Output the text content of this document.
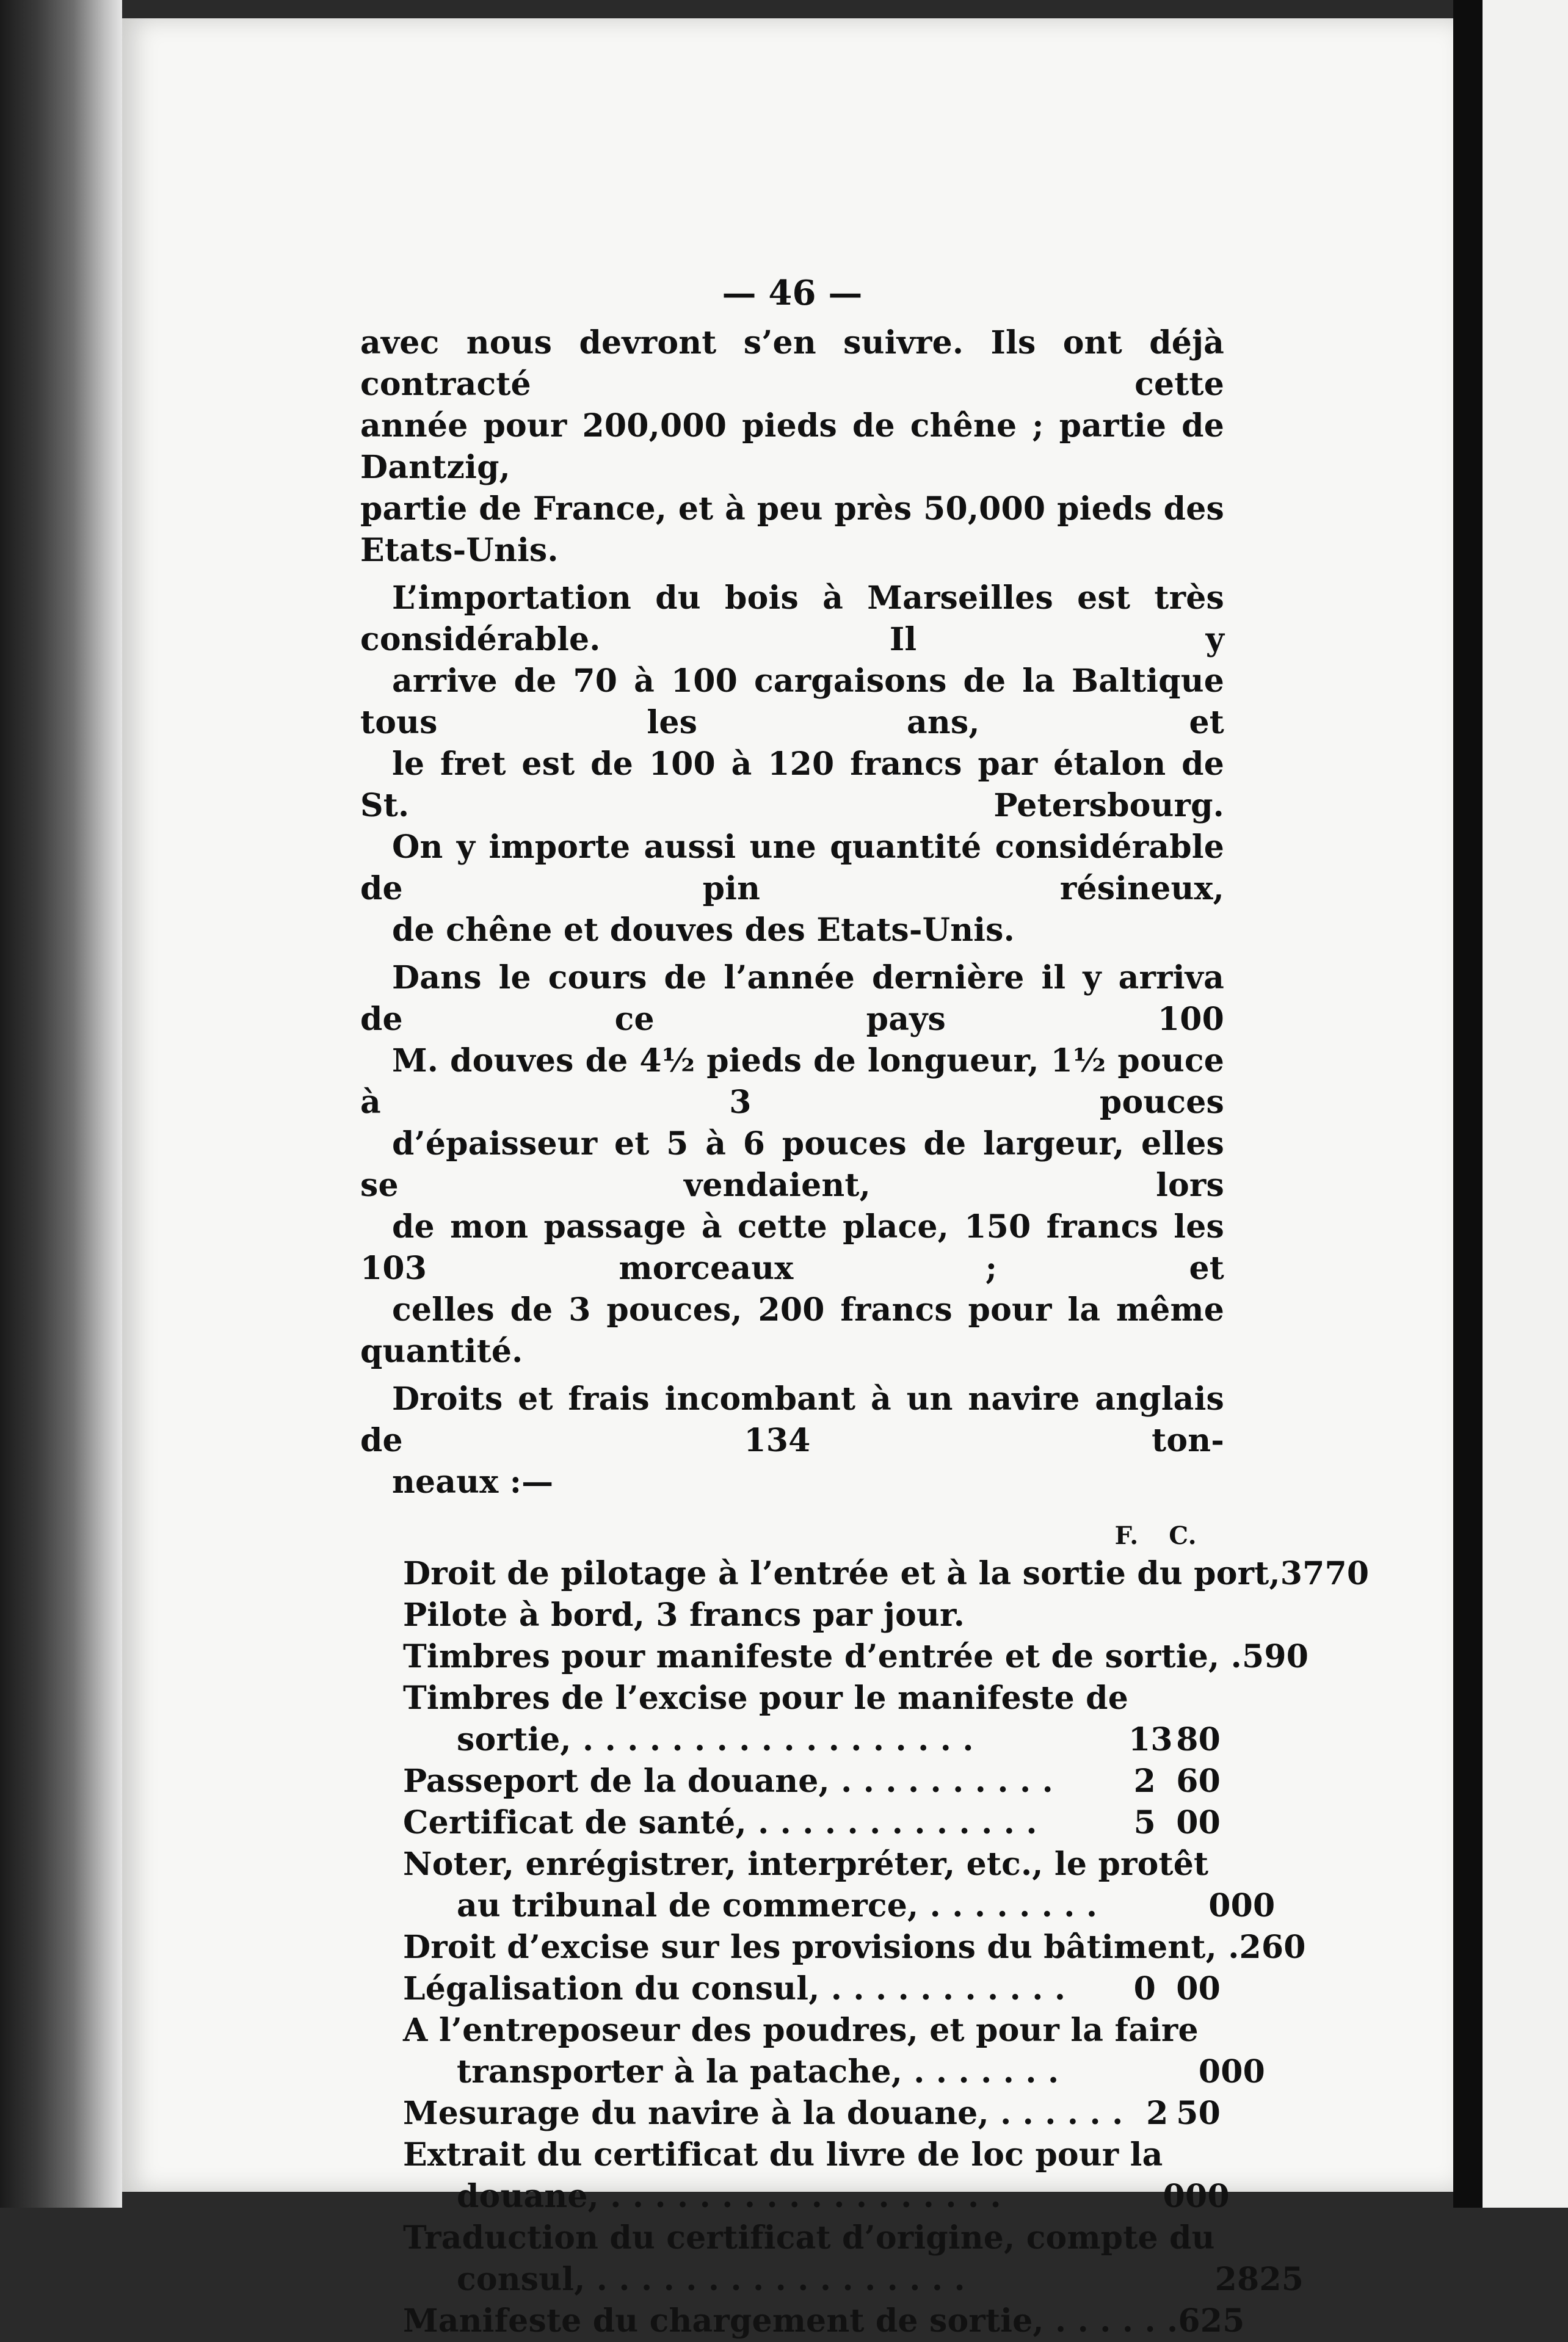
— 46 —
avec nous devront s’en suivre. Ils ont déjà contracté cette
année pour 200,000 pieds de chêne ; partie de Dantzig,
partie de France, et à peu près 50,000 pieds des Etats-Unis.
L’importation du bois à Marseilles est très considérable. Il y
arrive de 70 à 100 cargaisons de la Baltique tous les ans, et
le fret est de 100 à 120 francs par étalon de St. Petersbourg.
On y importe aussi une quantité considérable de pin résineux,
de chêne et douves des Etats-Unis.
Dans le cours de l’année dernière il y arriva de ce pays 100
M. douves de 4½ pieds de longueur, 1½ pouce à 3 pouces
d’épaisseur et 5 à 6 pouces de largeur, elles se vendaient, lors
de mon passage à cette place, 150 francs les 103 morceaux ; et
celles de 3 pouces, 200 francs pour la même quantité.
Droits et frais incombant à un navire anglais de 134 ton-
neaux :—
F.	C.
Droit de pilotage à l’entrée et à la sortie du port, 37 70
Pilote à bord, 3 francs par jour.
Timbres pour manifeste d’entrée et de sortie, . 5 90
Timbres de l’excise pour le manifeste de
sortie, . . . . . . . . . . . . . . . . . .	13 80
Passeport de la douane, . . . . . . . . . .	2 60
Certificat de santé, . . . . . . . . . . . . .	5 00
Noter, enrégistrer, interpréter, etc., le protêt
au tribunal de commerce, . . . . . . . .	0 00
Droit d’excise sur les provisions du bâtiment, . 2 60
Légalisation du consul, . . . . . . . . . . .	0 00
A l’entreposeur des poudres, et pour la faire
transporter à la patache, . . . . . . .	0 00
Mesurage du navire à la douane, . . . . . . 2 50
Extrait du certificat du livre de loc pour la
douane, . . . . . . . . . . . . . . . . . .	0 00
Traduction du certificat d’origine, compte du
consul, . . . . . . . . . . . . . . . . .	28 25
Manifeste du chargement de sortie, . . . . . . 6 25
